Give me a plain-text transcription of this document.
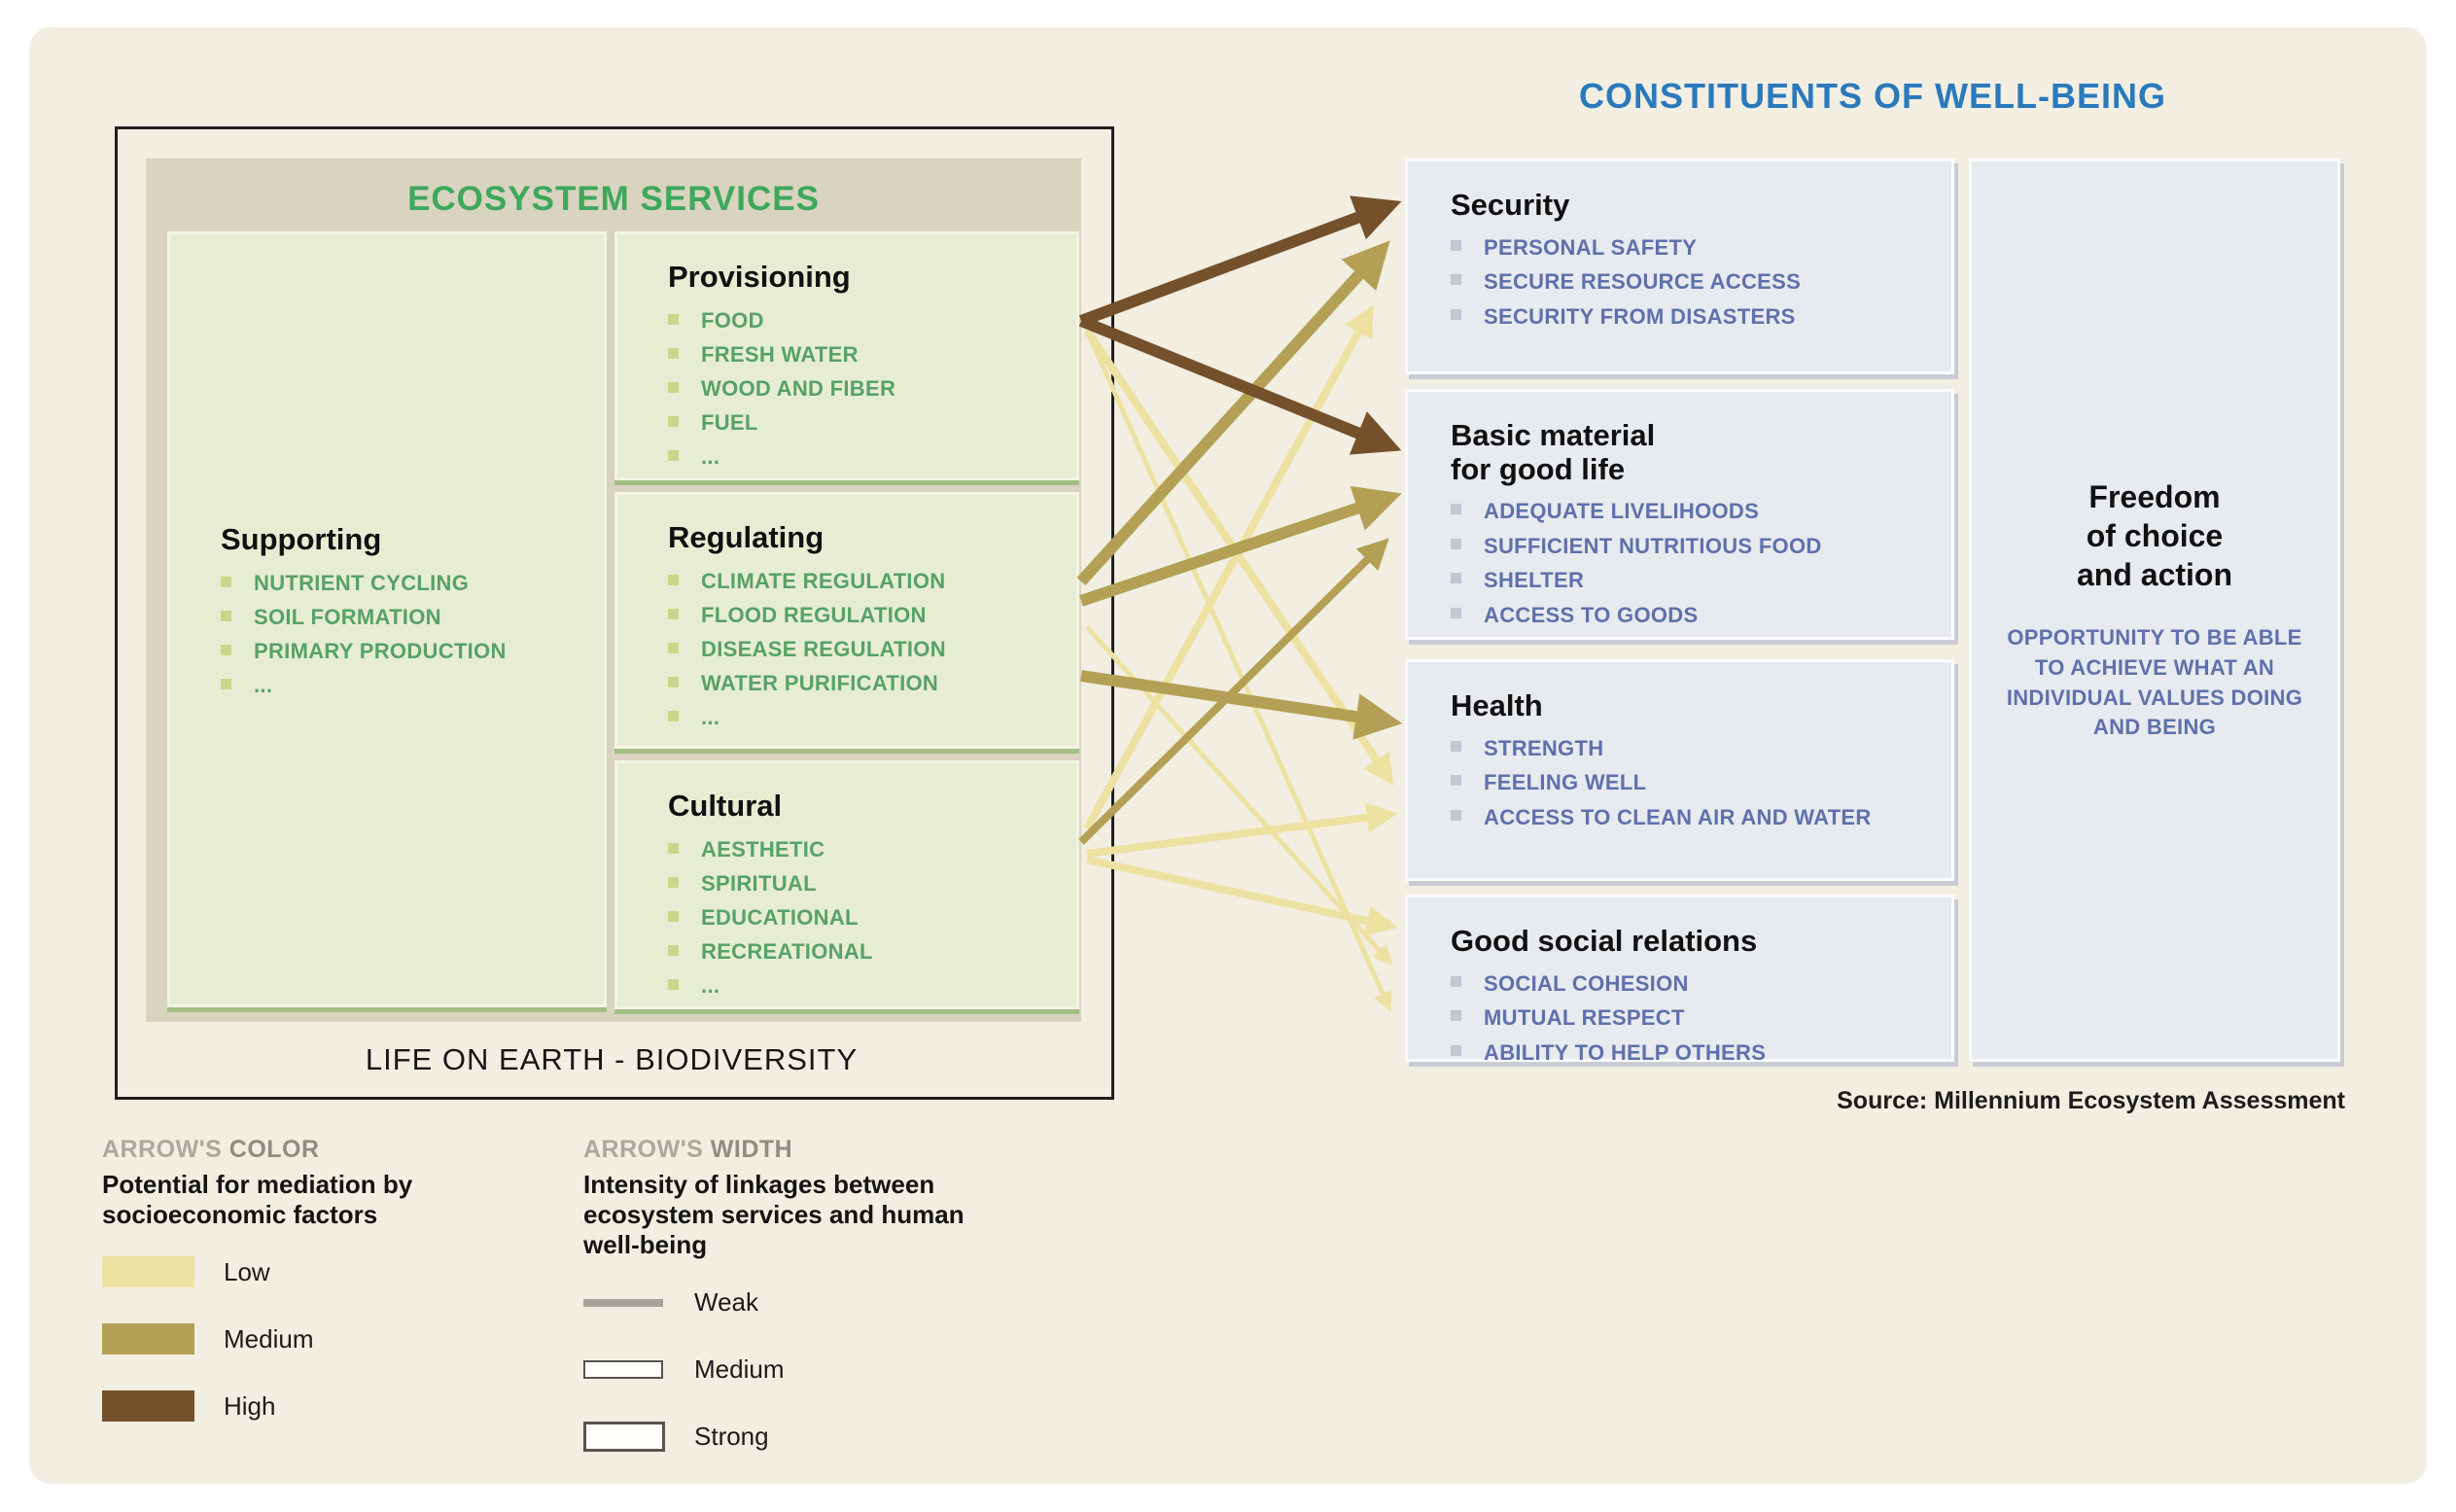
ECOSYSTEM SERVICES
Supporting
NUTRIENT CYCLING
SOIL FORMATION
PRIMARY PRODUCTION
...
Provisioning
FOOD
FRESH WATER
WOOD AND FIBER
FUEL
...
Regulating
CLIMATE REGULATION
FLOOD REGULATION
DISEASE REGULATION
WATER PURIFICATION
...
Cultural
AESTHETIC
SPIRITUAL
EDUCATIONAL
RECREATIONAL
...
LIFE ON EARTH - BIODIVERSITY
CONSTITUENTS OF WELL-BEING
Security
PERSONAL SAFETY
SECURE RESOURCE ACCESS
SECURITY FROM DISASTERS
Basic material
for good life
ADEQUATE LIVELIHOODS
SUFFICIENT NUTRITIOUS FOOD
SHELTER
ACCESS TO GOODS
Health
STRENGTH
FEELING WELL
ACCESS TO CLEAN AIR AND WATER
Good social relations
SOCIAL COHESION
MUTUAL RESPECT
ABILITY TO HELP OTHERS
Freedom
of choice
and action
OPPORTUNITY TO BE ABLE TO ACHIEVE WHAT AN INDIVIDUAL VALUES DOING AND BEING
Source: Millennium Ecosystem Assessment
ARROW'S COLOR
Potential for mediation by socioeconomic factors
Low
Medium
High
ARROW'S WIDTH
Intensity of linkages between ecosystem services and human well-being
Weak
Medium
Strong
